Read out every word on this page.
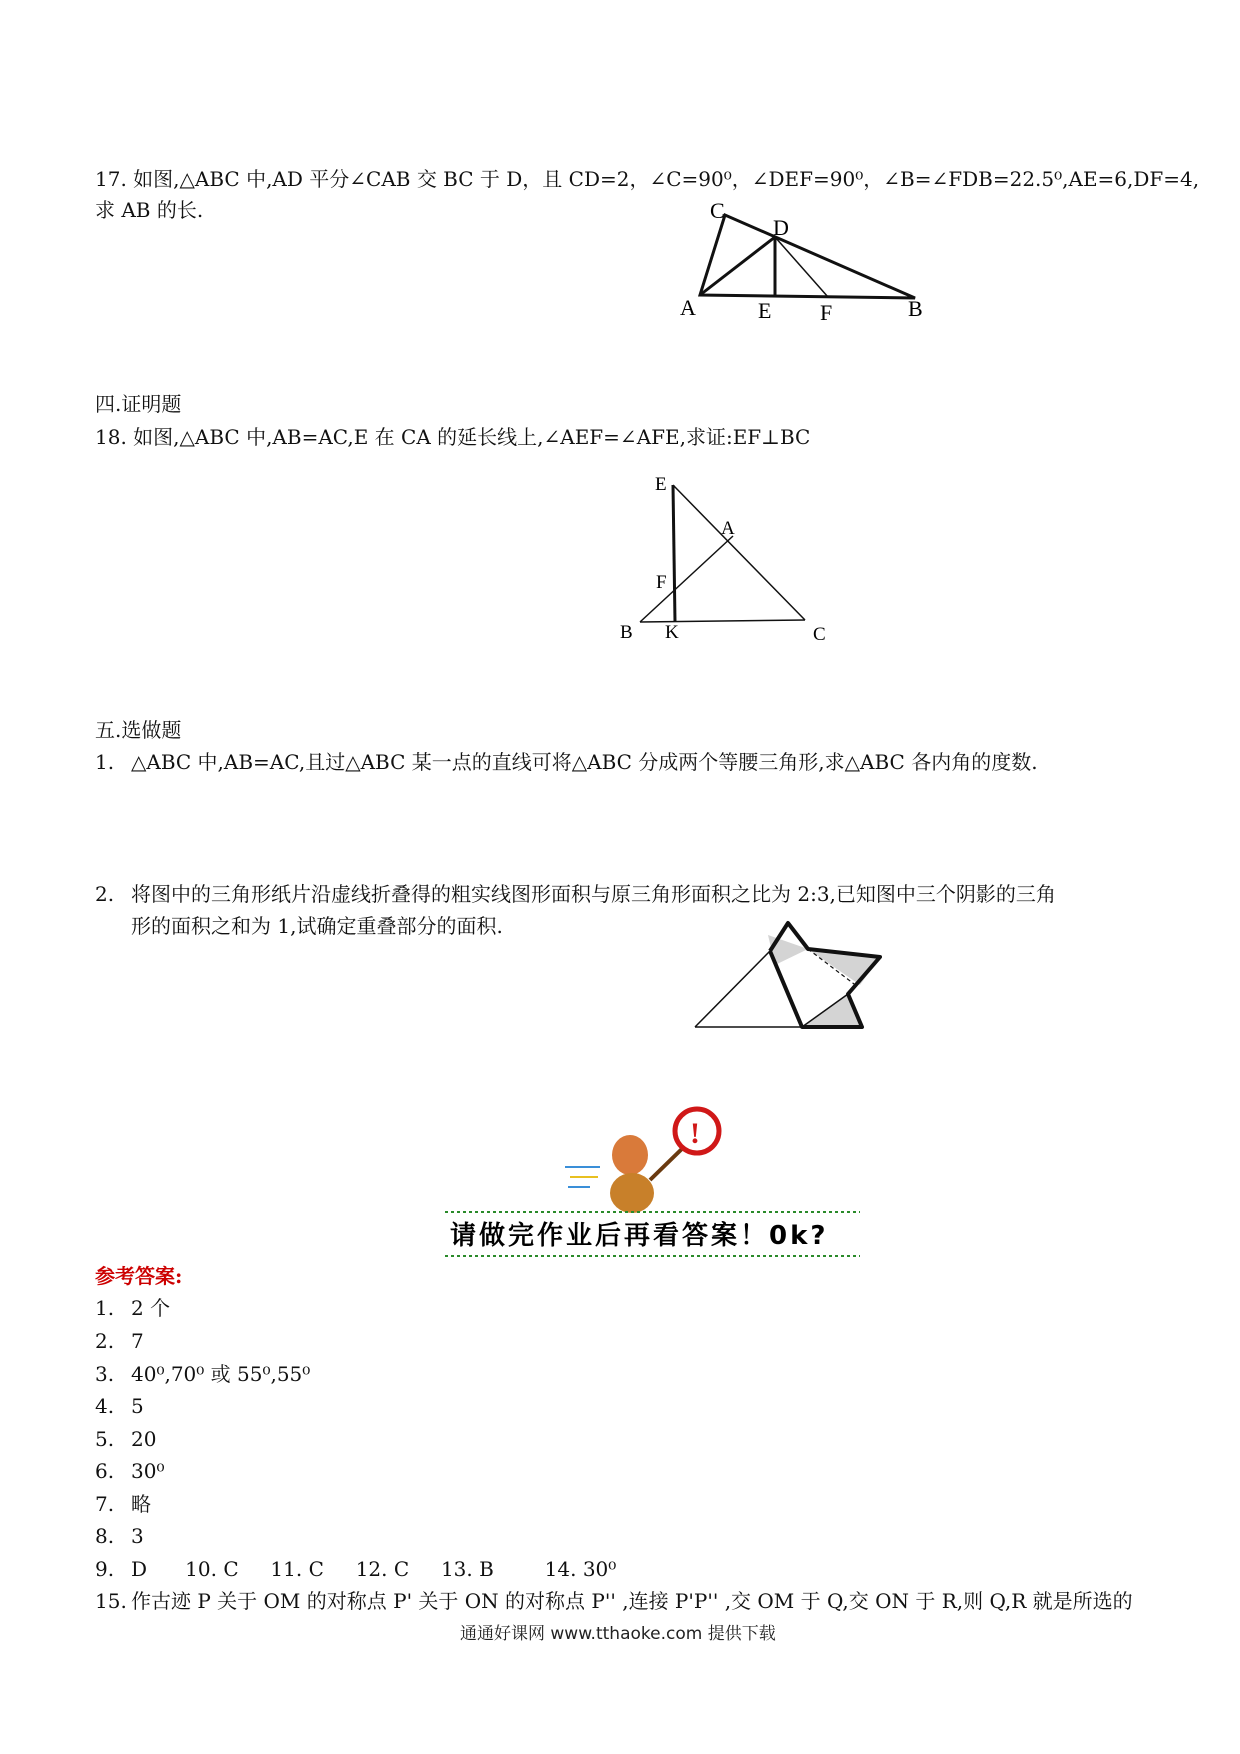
17. 如图,△ABC 中,AD 平分∠CAB 交 BC 于 D，且 CD=2，∠C=90⁰，∠DEF=90⁰，∠B=∠FDB=22.5⁰,AE=6,DF=4,
求 AB 的长.	C
D
A	E F	B
四.证明题
18. 如图,△ABC 中,AB=AC,E 在 CA 的延长线上,∠AEF=∠AFE,求证:EF⊥BC
E
A
F
B K	C
五.选做题
1. △ABC 中,AB=AC,且过△ABC 某一点的直线可将△ABC 分成两个等腰三角形,求△ABC 各内角的度数.
2. 将图中的三角形纸片沿虚线折叠得的粗实线图形面积与原三角形面积之比为 2:3,已知图中三个阴影的三角
形的面积之和为 1,试确定重叠部分的面积.
!
请做完作业后再看答案！0k?
参考答案:
1. 2 个
2. 7
3. 40⁰,70⁰ 或 55⁰,55⁰
4. 5
5. 20
6. 30⁰
7. 略
8. 3
9. D      10. C     11. C     12. C     13. B        14. 30⁰
15. 作古迹 P 关于 OM 的对称点 P' 关于 ON 的对称点 P'' ,连接 P'P'' ,交 OM 于 Q,交 ON 于 R,则 Q,R 就是所选的
通通好课网 www.tthaoke.com 提供下载
